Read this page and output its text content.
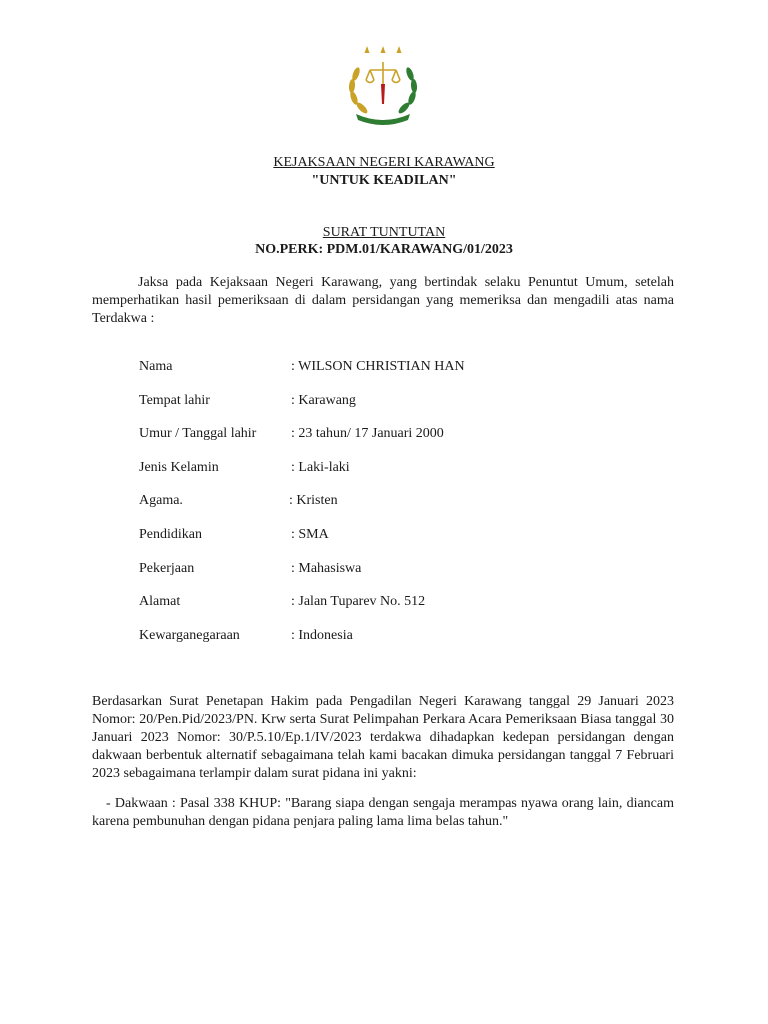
KEJAKSAAN NEGERI KARAWANG
"UNTUK KEADILAN"
SURAT TUNTUTAN
NO.PERK: PDM.01/KARAWANG/01/2023

Jaksa pada Kejaksaan Negeri Karawang, yang bertindak selaku Penuntut Umum, setelah memperhatikan hasil pemeriksaan di dalam persidangan yang memeriksa dan mengadili atas nama Terdakwa :

Nama	: WILSON CHRISTIAN HAN
Tempat lahir	: Karawang
Umur / Tanggal lahir : 23 tahun/ 17 Januari 2000
Jenis Kelamin	: Laki-laki
Agama.	: Kristen
Pendidikan	: SMA
Pekerjaan	: Mahasiswa
Alamat	: Jalan Tuparev No. 512
Kewarganegaraan	: Indonesia

Berdasarkan Surat Penetapan Hakim pada Pengadilan Negeri Karawang tanggal 29 Januari 2023 Nomor: 20/Pen.Pid/2023/PN. Krw serta Surat Pelimpahan Perkara Acara Pemeriksaan Biasa tanggal 30 Januari 2023 Nomor: 30/P.5.10/Ep.1/IV/2023 terdakwa dihadapkan kedepan persidangan dengan dakwaan berbentuk alternatif sebagaimana telah kami bacakan dimuka persidangan tanggal 7 Februari 2023 sebagaimana terlampir dalam surat pidana ini yakni:

- Dakwaan : Pasal 338 KHUP: "Barang siapa dengan sengaja merampas nyawa orang lain, diancam karena pembunuhan dengan pidana penjara paling lama lima belas tahun."
